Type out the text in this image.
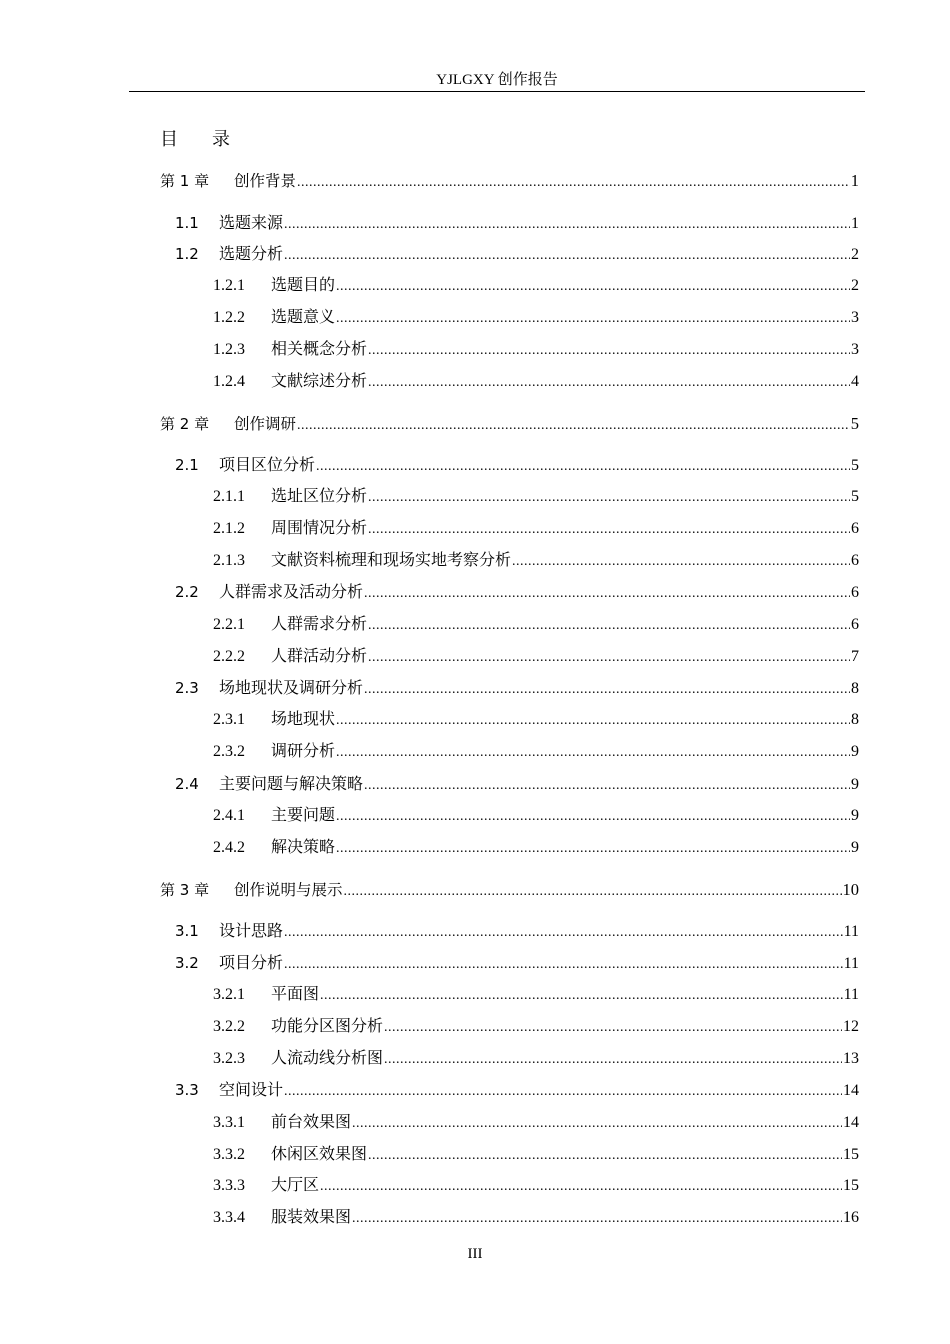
YJLGXY 创作报告
目 录
第 1 章	创作背景 .....	1
1.1 选题来源 .....	1
1.2 选题分析 .....	2
1.2.1	选题目的 .....	2
1.2.2	选题意义 .....	3
1.2.3	相关概念分析 .....	3
1.2.4	文献综述分析 .....	4
第 2 章	创作调研 .....	5
2.1 项目区位分析 .....	5
2.1.1	选址区位分析 .....	5
2.1.2	周围情况分析 .....	6
2.1.3	文献资料梳理和现场实地考察分析 .....	6
2.2 人群需求及活动分析 .....	6
2.2.1	人群需求分析 .....	6
2.2.2	人群活动分析 .....	7
2.3 场地现状及调研分析 .....	8
2.3.1	场地现状 .....	8
2.3.2	调研分析 .....	9
2.4 主要问题与解决策略 .....	9
2.4.1	主要问题 .....	9
2.4.2	解决策略 .....	9
第 3 章	创作说明与展示 .....	10
3.1 设计思路 .....	11
3.2 项目分析 .....	11
3.2.1	平面图 .....	11
3.2.2	功能分区图分析 .....	12
3.2.3	人流动线分析图 .....	13
3.3 空间设计 .....	14
3.3.1	前台效果图 .....	14
3.3.2	休闲区效果图 .....	15
3.3.3	大厅区 .....	15
3.3.4	服装效果图 .....	16
III
